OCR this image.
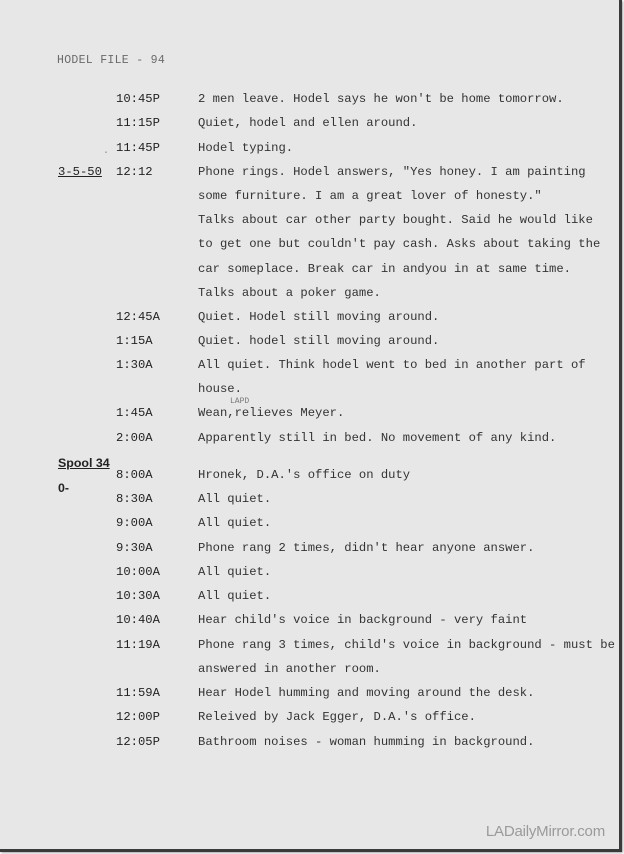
HODEL FILE - 94
·
10:45P	2 men leave. Hodel says he won't be home tomorrow.
11:15P	Quiet, hodel and ellen around.
11:45P	Hodel typing.
3-5-50 12:12	Phone rings. Hodel answers, "Yes honey. I am painting
some furniture. I am a great lover of honesty."
Talks about car other party bought. Said he would like
to get one but couldn't pay cash. Asks about taking the
car someplace. Break car in andyou in at same time.
Talks about a poker game.
12:45A	Quiet. Hodel still moving around.
1:15A	Quiet. hodel still moving around.
1:30A	All quiet. Think hodel went to bed in another part of
house.
LAPD
1:45A	Wean,relieves Meyer.
2:00A	Apparently still in bed. No movement of any kind.
Spool 34
0-
8:00A	Hronek, D.A.'s office on duty
8:30A	All quiet.
9:00A	All quiet.
9:30A	Phone rang 2 times, didn't hear anyone answer.
10:00A	All quiet.
10:30A	All quiet.
10:40A	Hear child's voice in background - very faint
11:19A	Phone rang 3 times, child's voice in background - must be
answered in another room.
11:59A	Hear Hodel humming and moving around the desk.
12:00P	Releived by Jack Egger, D.A.'s office.
12:05P	Bathroom noises - woman humming in background.
LADailyMirror.com
